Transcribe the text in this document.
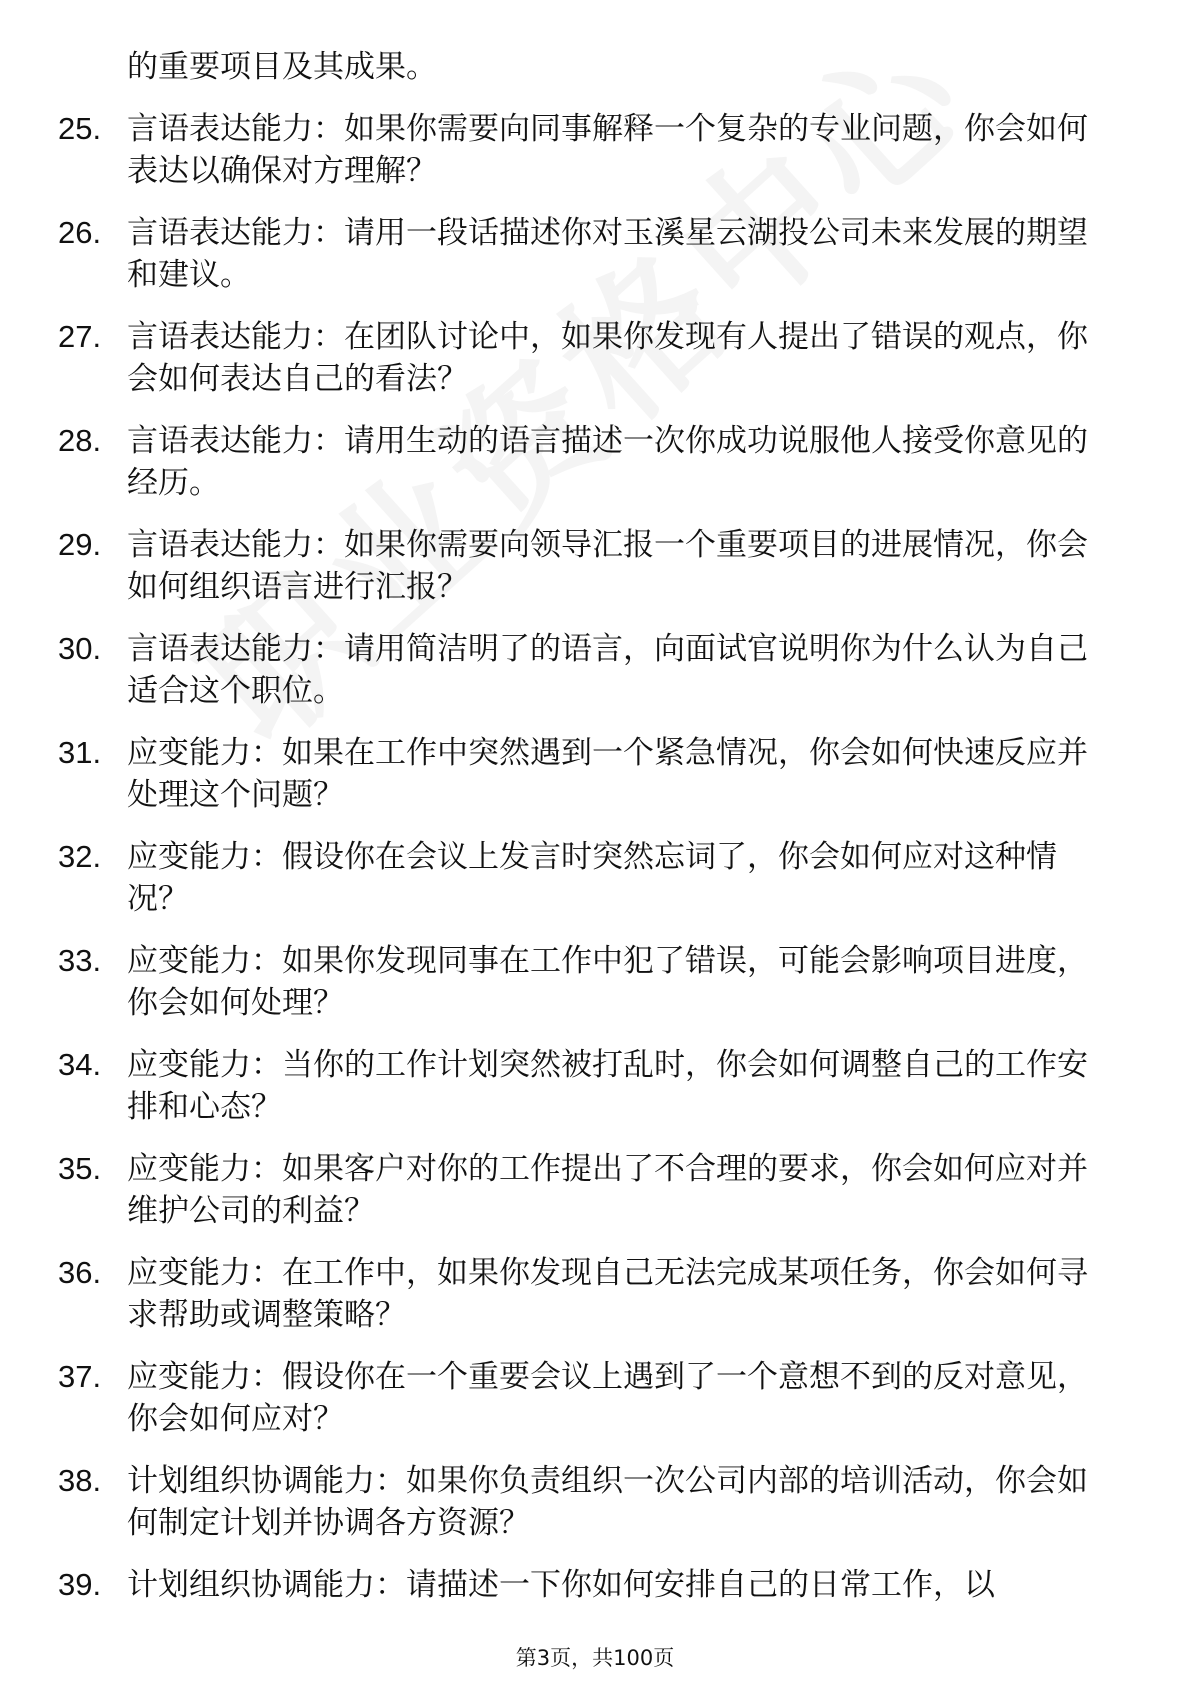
的重要项目及其成果。
25. 言语表达能力：如果你需要向同事解释一个复杂的专业问题，你会如何表达以确保对方理解？
26. 言语表达能力：请用一段话描述你对玉溪星云湖投公司未来发展的期望和建议。
27. 言语表达能力：在团队讨论中，如果你发现有人提出了错误的观点，你会如何表达自己的看法？
28. 言语表达能力：请用生动的语言描述一次你成功说服他人接受你意见的经历。
29. 言语表达能力：如果你需要向领导汇报一个重要项目的进展情况，你会如何组织语言进行汇报？
30. 言语表达能力：请用简洁明了的语言，向面试官说明你为什么认为自己适合这个职位。
31. 应变能力：如果在工作中突然遇到一个紧急情况，你会如何快速反应并处理这个问题？
32. 应变能力：假设你在会议上发言时突然忘词了，你会如何应对这种情况？
33. 应变能力：如果你发现同事在工作中犯了错误，可能会影响项目进度，你会如何处理？
34. 应变能力：当你的工作计划突然被打乱时，你会如何调整自己的工作安排和心态？
35. 应变能力：如果客户对你的工作提出了不合理的要求，你会如何应对并维护公司的利益？
36. 应变能力：在工作中，如果你发现自己无法完成某项任务，你会如何寻求帮助或调整策略？
37. 应变能力：假设你在一个重要会议上遇到了一个意想不到的反对意见，你会如何应对？
38. 计划组织协调能力：如果你负责组织一次公司内部的培训活动，你会如何制定计划并协调各方资源？
39. 计划组织协调能力：请描述一下你如何安排自己的日常工作，以
第3页，共100页
